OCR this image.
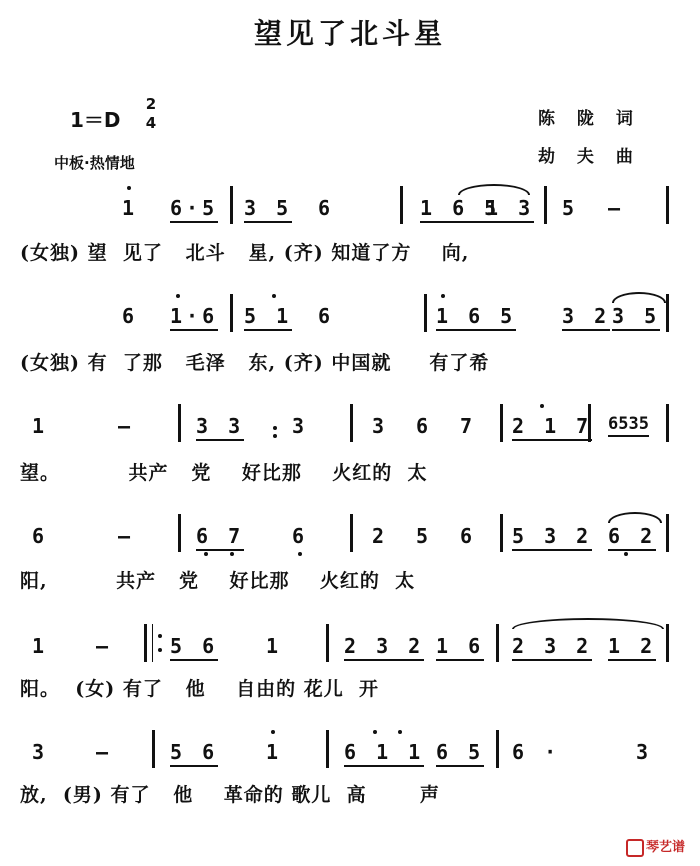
望见了北斗星
1＝D
2
4
中板·热情地
陈 陇 词
劫 夫 曲
1 6·5 3 5 6	1 6 5
1 3 5 —
(女独) 望  见了   北斗   星, (齐) 知道了方    向,
6 1·6 5 1 6	1 6 5 3 2 3 5
(女独) 有  了那   毛泽   东, (齐) 中国就     有了希
1	—	3 3 3	3 6 7 2 1 7 6535
望。         共产   党    好比那    火红的  太
6	—	6 7 6	2 5 6 5 3 2 6 2
阳,         共产   党    好比那    火红的  太
1 —	5 6 1	2 3 2 1 6 2 3 2 1 2
阳。  (女) 有了   他    自由的 花儿  开
3 —	5 6 1	6 1 1 6 5 6 ·	3
放,  (男) 有了   他    革命的 歌儿  高       声
琴艺谱
